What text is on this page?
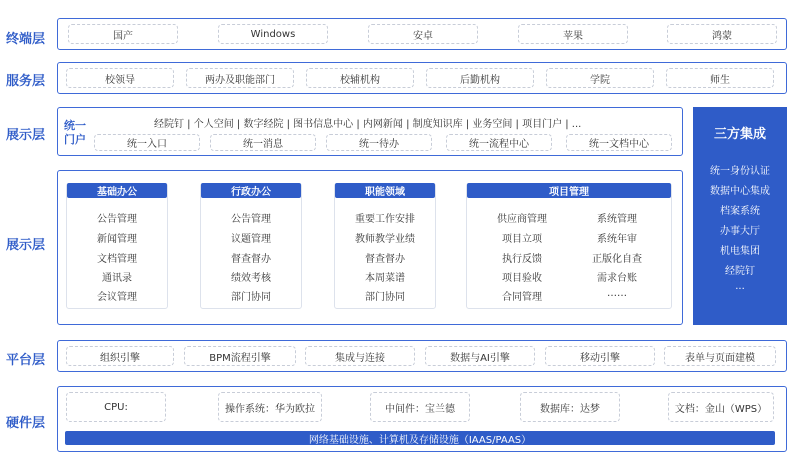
终端层
服务层
展示层
展示层
平台层
硬件层
国产	Windows	安卓	苹果	鸿蒙
校领导	两办及职能部门	校辅机构	后勤机构	学院	师生
统一
门户
经院钉 | 个人空间 | 数字经院 | 图书信息中心 | 内网新闻 | 制度知识库 | 业务空间 | 项目门户 | ...
统一入口	统一消息	统一待办	统一流程中心	统一文档中心
基础办公
公告管理
新闻管理
文档管理
通讯录
会议管理
行政办公
公告管理
议题管理
督查督办
绩效考核
部门协同
职能领域
重要工作安排
教师教学业绩
督查督办
本周菜谱
部门协同
项目管理
供应商管理
项目立项
执行反馈
项目验收
合同管理
系统管理
系统年审
正版化自查
需求台账
……
三方集成
统一身份认证
数据中心集成
档案系统
办事大厅
机电集团
经院钉
...
组织引擎	BPM流程引擎	集成与连接	数据与AI引擎	移动引擎	表单与页面建模
CPU:	操作系统：华为欧拉	中间件：宝兰德	数据库：达梦	文档：金山（WPS）
网络基础设施、计算机及存储设施（IAAS/PAAS）
